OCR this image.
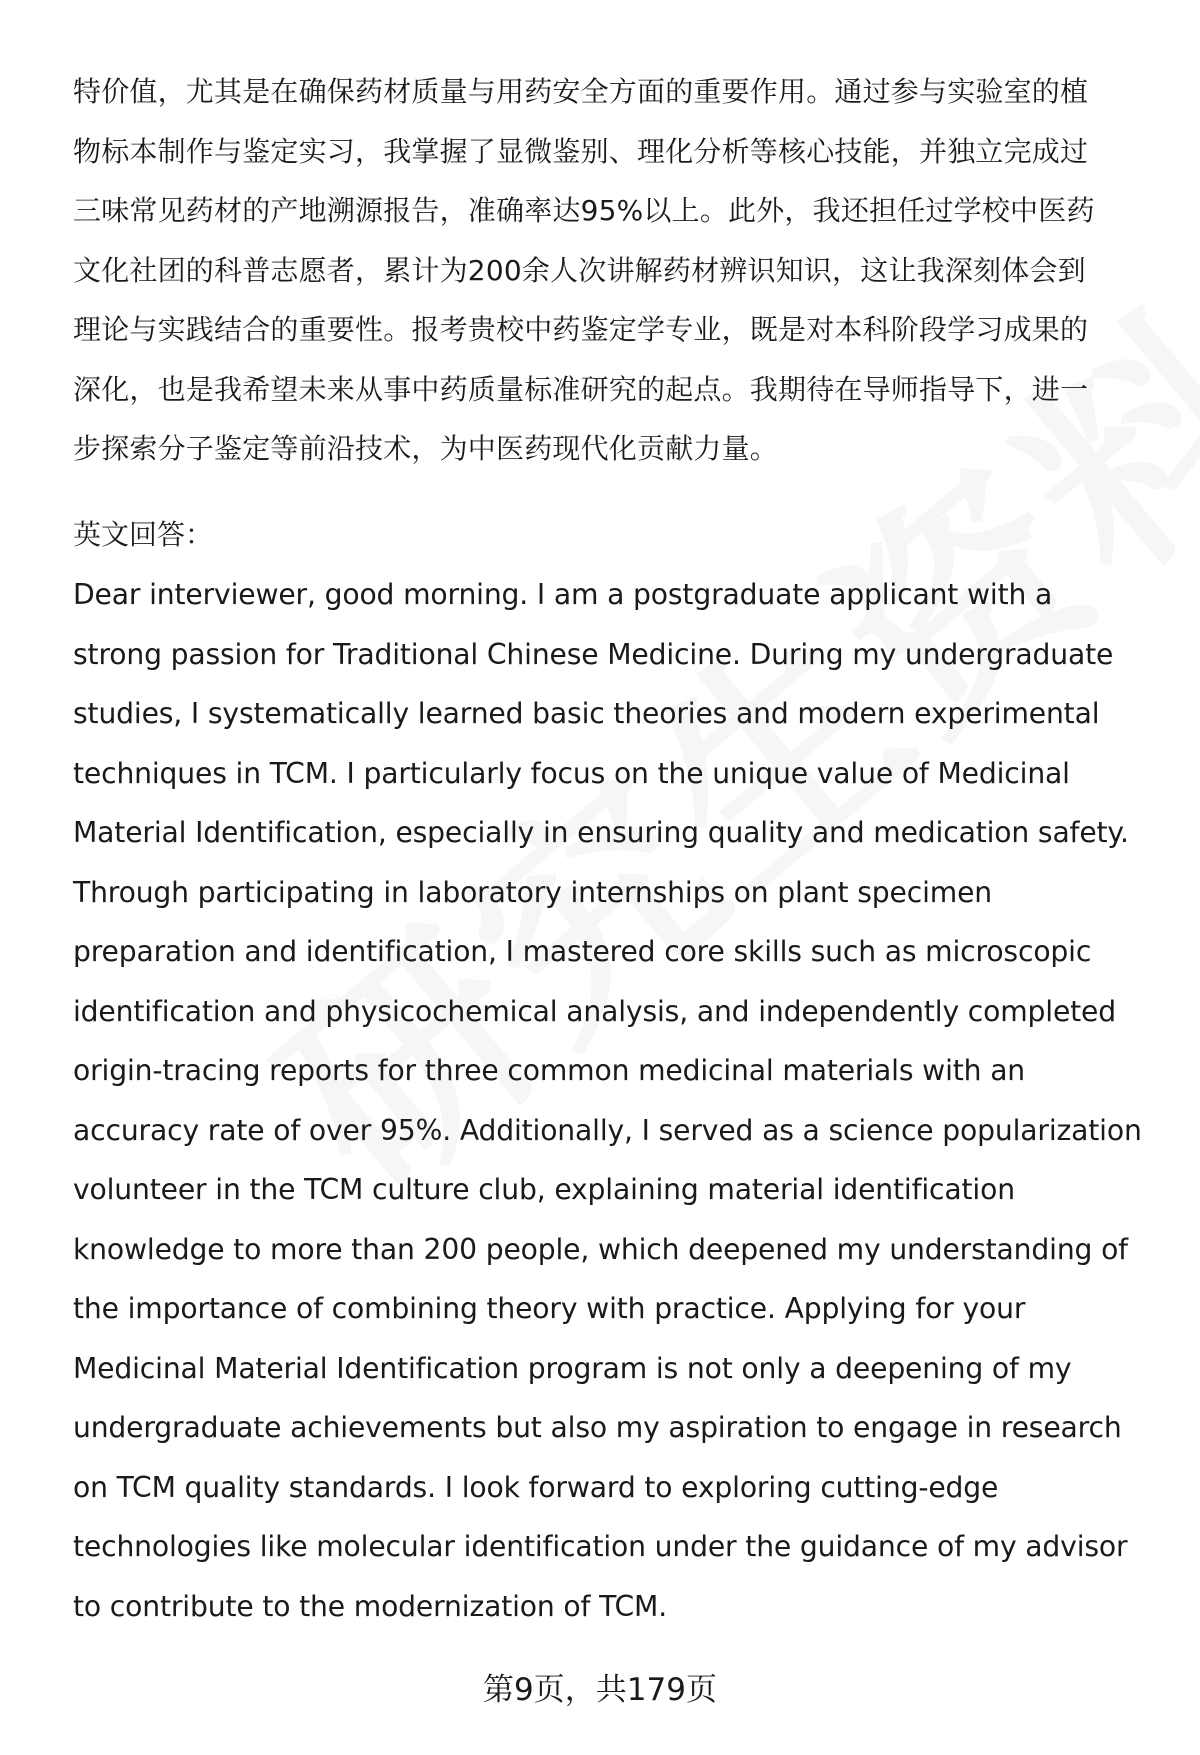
特价值，尤其是在确保药材质量与用药安全方面的重要作用。通过参与实验室的植
物标本制作与鉴定实习，我掌握了显微鉴别、理化分析等核心技能，并独立完成过
三味常见药材的产地溯源报告，准确率达95%以上。此外，我还担任过学校中医药
文化社团的科普志愿者，累计为200余人次讲解药材辨识知识，这让我深刻体会到
理论与实践结合的重要性。报考贵校中药鉴定学专业，既是对本科阶段学习成果的
深化，也是我希望未来从事中药质量标准研究的起点。我期待在导师指导下，进一
步探索分子鉴定等前沿技术，为中医药现代化贡献力量。
英文回答：
Dear interviewer, good morning. I am a postgraduate applicant with a
strong passion for Traditional Chinese Medicine. During my undergraduate
studies, I systematically learned basic theories and modern experimental
techniques in TCM. I particularly focus on the unique value of Medicinal
Material Identification, especially in ensuring quality and medication safety.
Through participating in laboratory internships on plant specimen
preparation and identification, I mastered core skills such as microscopic
identification and physicochemical analysis, and independently completed
origin-tracing reports for three common medicinal materials with an
accuracy rate of over 95%. Additionally, I served as a science popularization
volunteer in the TCM culture club, explaining material identification
knowledge to more than 200 people, which deepened my understanding of
the importance of combining theory with practice. Applying for your
Medicinal Material Identification program is not only a deepening of my
undergraduate achievements but also my aspiration to engage in research
on TCM quality standards. I look forward to exploring cutting-edge
technologies like molecular identification under the guidance of my advisor
to contribute to the modernization of TCM.
第9页，共179页
